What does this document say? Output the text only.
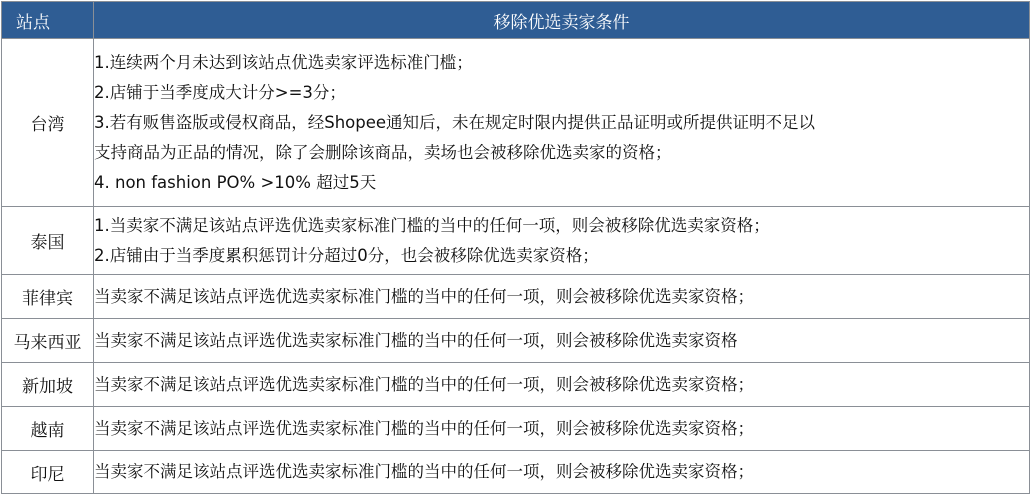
站点	移除优选卖家条件
台湾	1.连续两个月未达到该站点优选卖家评选标准门槛；
2.店铺于当季度成大计分>=3分；
3.若有贩售盗版或侵权商品，经Shopee通知后，未在规定时限内提供正品证明或所提供证明不足以
支持商品为正品的情况，除了会删除该商品，卖场也会被移除优选卖家的资格；
4. non fashion PO% >10% 超过5天

泰国	1.当卖家不满足该站点评选优选卖家标准门槛的当中的任何一项，则会被移除优选卖家资格；
2.店铺由于当季度累积惩罚计分超过0分，也会被移除优选卖家资格；

菲律宾	当卖家不满足该站点评选优选卖家标准门槛的当中的任何一项，则会被移除优选卖家资格；

马来西亚	当卖家不满足该站点评选优选卖家标准门槛的当中的任何一项，则会被移除优选卖家资格

新加坡	当卖家不满足该站点评选优选卖家标准门槛的当中的任何一项，则会被移除优选卖家资格；

越南	当卖家不满足该站点评选优选卖家标准门槛的当中的任何一项，则会被移除优选卖家资格；

印尼	当卖家不满足该站点评选优选卖家标准门槛的当中的任何一项，则会被移除优选卖家资格；
